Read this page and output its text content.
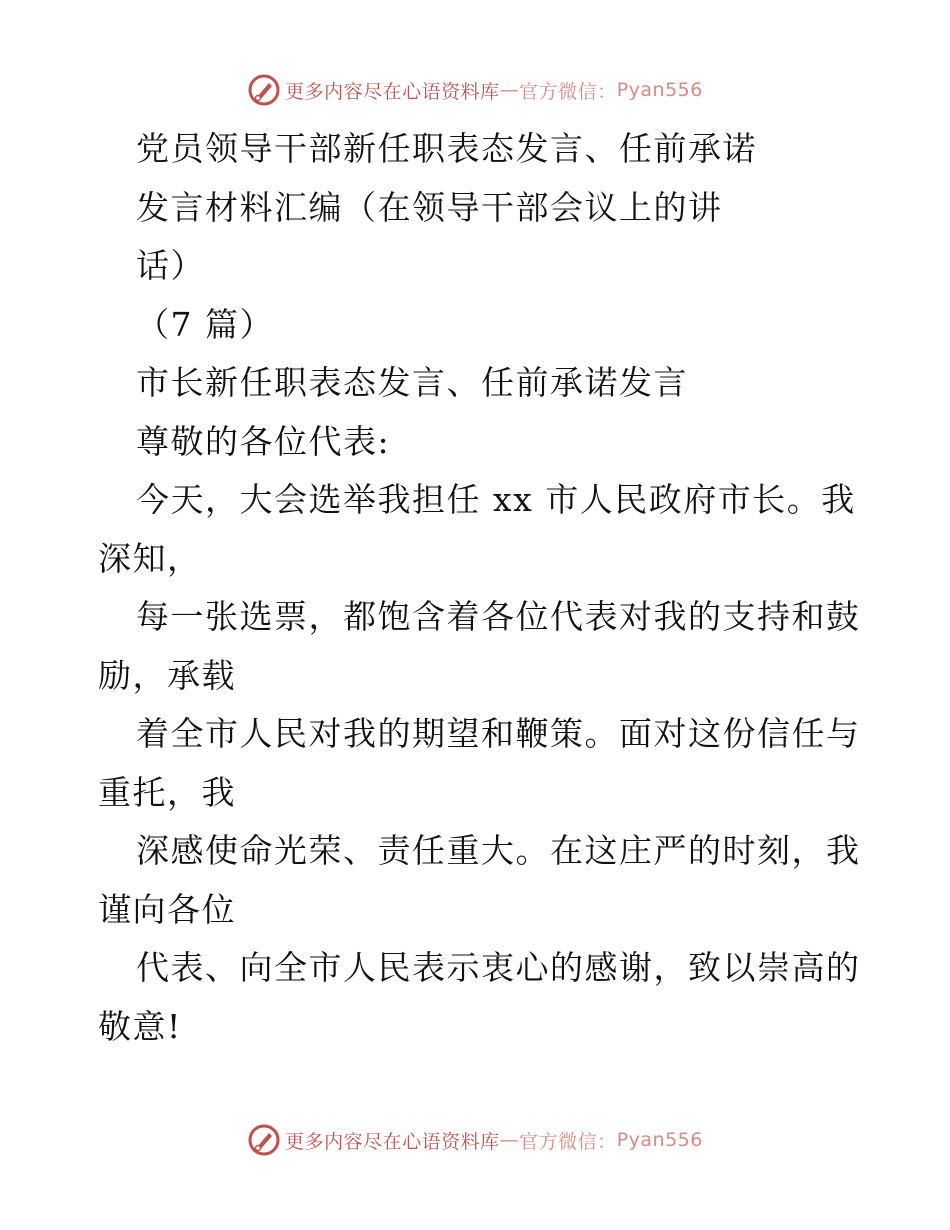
更多内容尽在心语资料库 — 官方微信： Pyan556
党员领导干部新任职表态发言、任前承诺
发言材料汇编（在领导干部会议上的讲
话）
（7 篇）
市长新任职表态发言、任前承诺发言
尊敬的各位代表:
今天，大会选举我担任 xx 市人民政府市长。我
深知，
每一张选票，都饱含着各位代表对我的支持和鼓
励，承载
着全市人民对我的期望和鞭策。面对这份信任与
重托，我
深感使命光荣、责任重大。在这庄严的时刻，我
谨向各位
代表、向全市人民表示衷心的感谢，致以崇高的
敬意!
更多内容尽在心语资料库 — 官方微信： Pyan556
